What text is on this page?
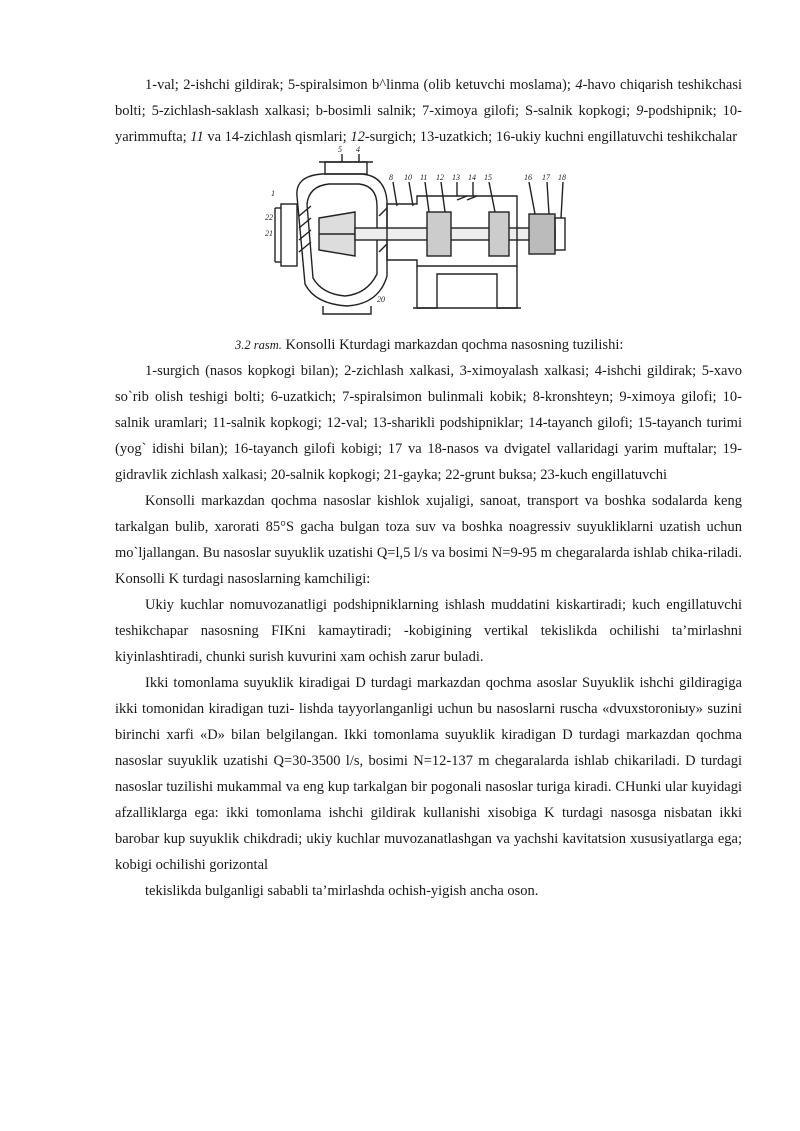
1-val; 2-ishchi gildirak; 5-spiralsimon b^linma (olib ketuvchi moslama); 4-havo chiqarish teshikchasi bolti; 5-zichlash-saklash xalkasi; b-bosimli salnik; 7-ximoya gilofi; S-salnik kopkogi; 9-podshipnik; 10-yarimmufta; 11 va 14-zichlash qismlari; 12-surgich; 13-uzatkich; 16-ukiy kuchni engillatuvchi teshikchalar

5 4
1
22
21
8 10 11 12 13 14 15	16 17 18
20

3.2 rasm. Konsolli Kturdagi markazdan qochma nasosning tuzilishi:

1-surgich (nasos kopkogi bilan); 2-zichlash xalkasi, 3-ximoyalash xalkasi; 4-ishchi gildirak; 5-xavo so`rib olish teshigi bolti; 6-uzatkich; 7-spiralsimon bulinmali kobik; 8-kronshteyn; 9-ximoya gilofi; 10-salnik uramlari; 11-salnik kopkogi; 12-val; 13-sharikli podshipniklar; 14-tayanch gilofi; 15-tayanch turimi (yog` idishi bilan); 16-tayanch gilofi kobigi; 17 va 18-nasos va dvigatel vallaridagi yarim muftalar; 19-gidravlik zichlash xalkasi; 20-salnik kopkogi; 21-gayka; 22-grunt buksa; 23-kuch engillatuvchi

Konsolli markazdan qochma nasoslar kishlok xujaligi, sanoat, transport va boshka sodalarda keng tarkalgan bulib, xarorati 85°S gacha bulgan toza suv va boshka noagressiv suyukliklarni uzatish uchun mo`ljallangan. Bu nasoslar suyuklik uzatishi Q=l,5 l/s va bosimi N=9-95 m chegaralarda ishlab chika-riladi. Konsolli K turdagi nasoslarning kamchiligi:

Ukiy kuchlar nomuvozanatligi podshipniklarning ishlash muddatini kiskartiradi; kuch engillatuvchi teshikchapar nasosning FIKni kamaytiradi; -kobigining vertikal tekislikda ochilishi ta’mirlashni kiyinlashtiradi, chunki surish kuvurini xam ochish zarur buladi.

Ikki tomonlama suyuklik kiradigai D turdagi markazdan qochma asoslar Suyuklik ishchi gildiragiga ikki tomonidan kiradigan tuzi- lishda tayyorlanganligi uchun bu nasoslarni ruscha «dvuxstoroniыy» suzini birinchi xarfi «D» bilan belgilangan. Ikki tomonlama suyuklik kiradigan D turdagi markazdan qochma nasoslar suyuklik uzatishi Q=30-3500 l/s, bosimi N=12-137 m chegaralarda ishlab chikariladi. D turdagi nasoslar tuzilishi mukammal va eng kup tarkalgan bir pogonali nasoslar turiga kiradi. CHunki ular kuyidagi afzalliklarga ega: ikki tomonlama ishchi gildirak kullanishi xisobiga K turdagi nasosga nisbatan ikki barobar kup suyuklik chikdradi; ukiy kuchlar muvozanatlashgan va yachshi kavitatsion xususiyatlarga ega; kobigi ochilishi gorizontal

tekislikda bulganligi sababli ta’mirlashda ochish-yigish ancha oson.
